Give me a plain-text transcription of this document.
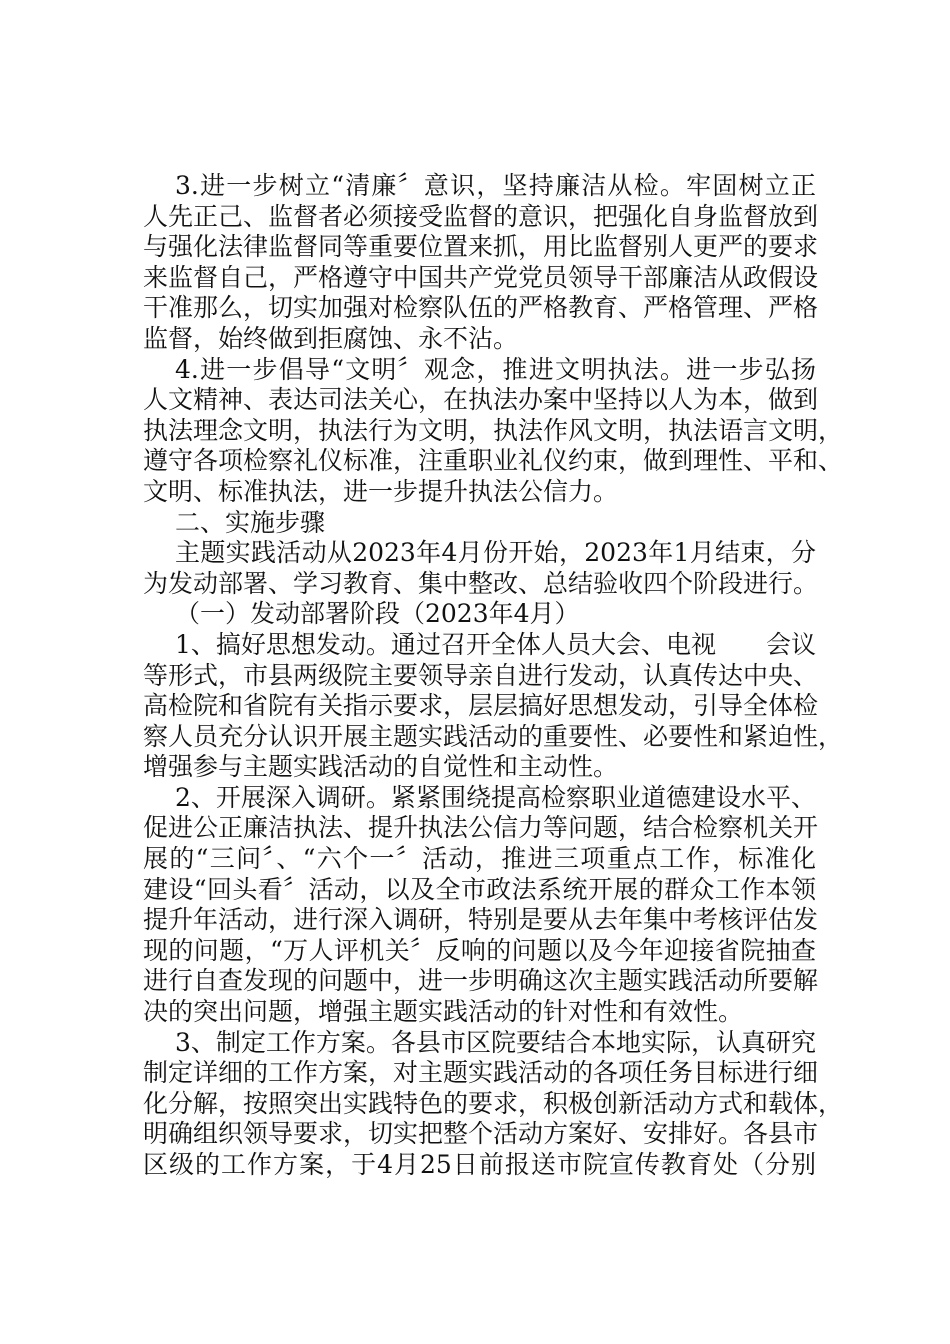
3.进一步树立“清廉〞意识，坚持廉洁从检。牢固树立正
人先正己、监督者必须接受监督的意识，把强化自身监督放到
与强化法律监督同等重要位置来抓，用比监督别人更严的要求
来监督自己，严格遵守中国共产党党员领导干部廉洁从政假设
干准那么，切实加强对检察队伍的严格教育、严格管理、严格
监督，始终做到拒腐蚀、永不沾。
4.进一步倡导“文明〞观念，推进文明执法。进一步弘扬
人文精神、表达司法关心，在执法办案中坚持以人为本，做到
执法理念文明，执法行为文明，执法作风文明，执法语言文明，
遵守各项检察礼仪标准，注重职业礼仪约束，做到理性、平和、
文明、标准执法，进一步提升执法公信力。
二、实施步骤
主题实践活动从2023年4月份开始，2023年1月结束，分
为发动部署、学习教育、集中整改、总结验收四个阶段进行。
（一）发动部署阶段（2023年4月）
1、搞好思想发动。通过召开全体人员大会、电视　　会议
等形式，市县两级院主要领导亲自进行发动，认真传达中央、
高检院和省院有关指示要求，层层搞好思想发动，引导全体检
察人员充分认识开展主题实践活动的重要性、必要性和紧迫性，
增强参与主题实践活动的自觉性和主动性。
2、开展深入调研。紧紧围绕提高检察职业道德建设水平、
促进公正廉洁执法、提升执法公信力等问题，结合检察机关开
展的“三问〞、“六个一〞活动，推进三项重点工作，标准化
建设“回头看〞活动，以及全市政法系统开展的群众工作本领
提升年活动，进行深入调研，特别是要从去年集中考核评估发
现的问题，“万人评机关〞反响的问题以及今年迎接省院抽查
进行自查发现的问题中，进一步明确这次主题实践活动所要解
决的突出问题，增强主题实践活动的针对性和有效性。
3、制定工作方案。各县市区院要结合本地实际，认真研究
制定详细的工作方案，对主题实践活动的各项任务目标进行细
化分解，按照突出实践特色的要求，积极创新活动方式和载体，
明确组织领导要求，切实把整个活动方案好、安排好。各县市
区级的工作方案，于4月25日前报送市院宣传教育处（分别
